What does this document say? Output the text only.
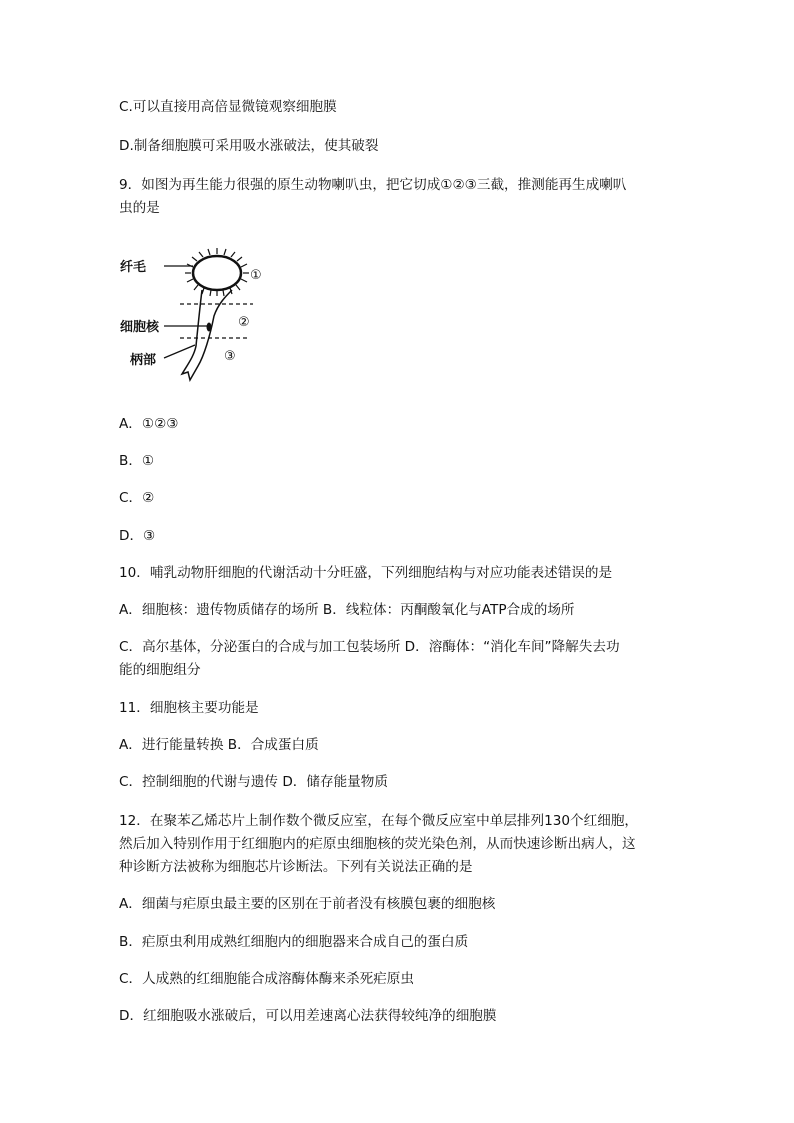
C.可以直接用高倍显微镜观察细胞膜
D.制备细胞膜可采用吸水涨破法，使其破裂
9．如图为再生能力很强的原生动物喇叭虫，把它切成①②③三截，推测能再生成喇叭
虫的是
纤毛
细胞核
柄部
①
②
③
A．①②③
B．①
C．②
D．③
10．哺乳动物肝细胞的代谢活动十分旺盛，下列细胞结构与对应功能表述错误的是
A．细胞核：遗传物质储存的场所 B．线粒体：丙酮酸氧化与ATP合成的场所
C．高尔基体，分泌蛋白的合成与加工包装场所 D．溶酶体：“消化车间”降解失去功
能的细胞组分
11．细胞核主要功能是
A．进行能量转换 B．合成蛋白质
C．控制细胞的代谢与遗传 D．储存能量物质
12．在聚苯乙烯芯片上制作数个微反应室，在每个微反应室中单层排列130个红细胞，
然后加入特别作用于红细胞内的疟原虫细胞核的荧光染色剂，从而快速诊断出病人，这
种诊断方法被称为细胞芯片诊断法。下列有关说法正确的是
A．细菌与疟原虫最主要的区别在于前者没有核膜包裹的细胞核
B．疟原虫利用成熟红细胞内的细胞器来合成自己的蛋白质
C．人成熟的红细胞能合成溶酶体酶来杀死疟原虫
D．红细胞吸水涨破后，可以用差速离心法获得较纯净的细胞膜
